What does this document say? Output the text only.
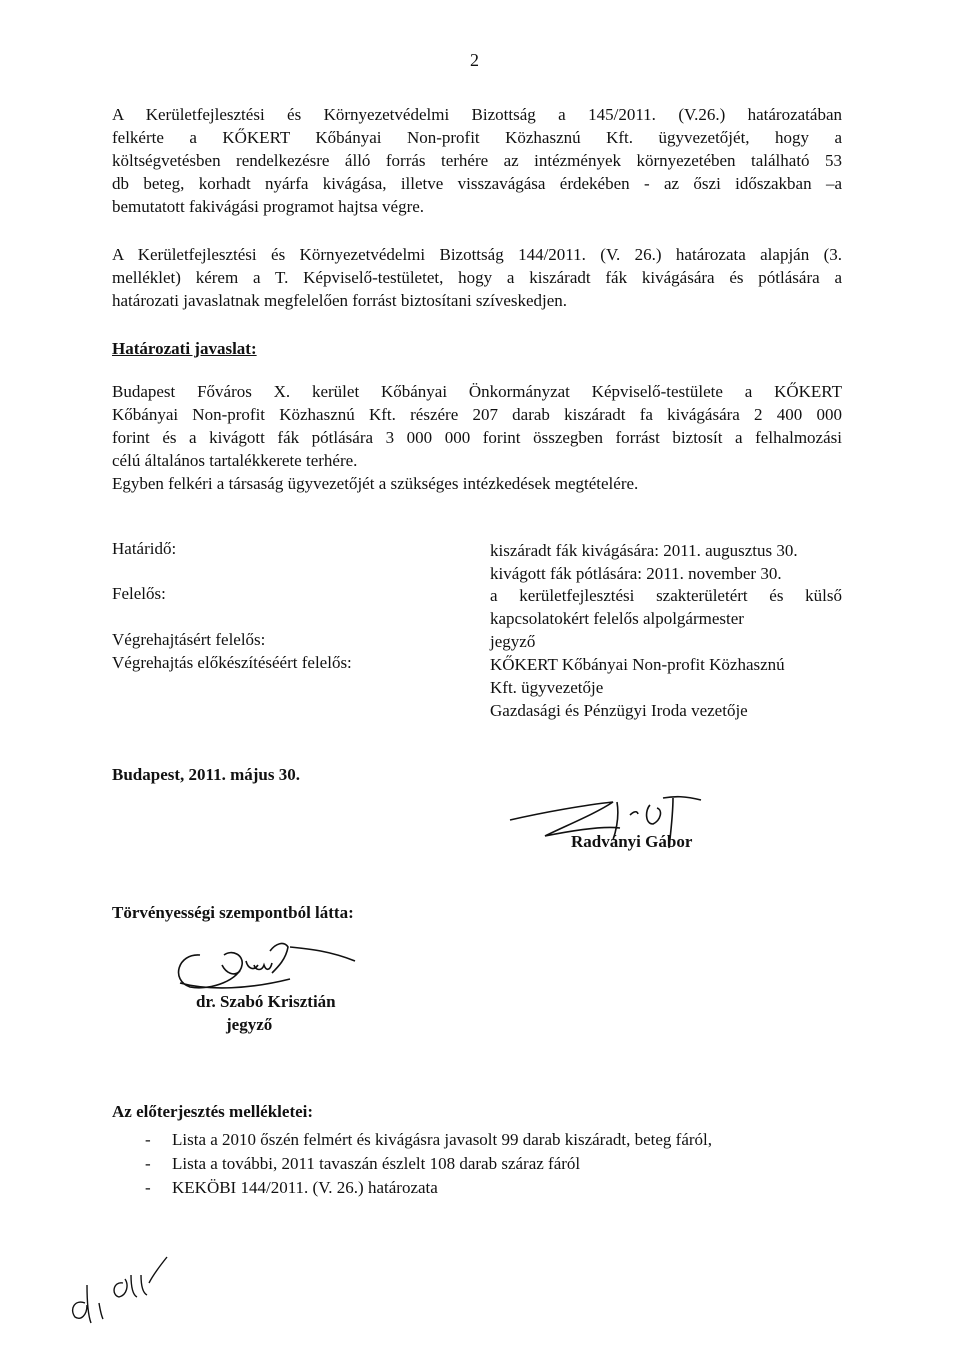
2
A Kerületfejlesztési és Környezetvédelmi Bizottság a 145/2011. (V.26.) határozatában
felkérte a KŐKERT Kőbányai Non-profit Közhasznú Kft. ügyvezetőjét, hogy a
költségvetésben rendelkezésre álló forrás terhére az intézmények környezetében található 53
db beteg, korhadt nyárfa kivágása, illetve visszavágása érdekében - az őszi időszakban –a
bemutatott fakivágási programot hajtsa végre.
A Kerületfejlesztési és Környezetvédelmi Bizottság 144/2011. (V. 26.) határozata alapján (3.
melléklet) kérem a T. Képviselő-testületet, hogy a kiszáradt fák kivágására és pótlására a
határozati javaslatnak megfelelően forrást biztosítani szíveskedjen.
Határozati javaslat:
Budapest Főváros X. kerület Kőbányai Önkormányzat Képviselő-testülete a KŐKERT
Kőbányai Non-profit Közhasznú Kft. részére 207 darab kiszáradt fa kivágására 2 400 000
forint és a kivágott fák pótlására 3 000 000 forint összegben forrást biztosít a felhalmozási
célú általános tartalékkerete terhére.
Egyben felkéri a társaság ügyvezetőjét a szükséges intézkedések megtételére.
Határidő:	kiszáradt fák kivágására: 2011. augusztus 30.
kivágott fák pótlására: 2011. november 30.
Felelős:	a kerületfejlesztési szakterületért és külső
kapcsolatokért felelős alpolgármester
Végrehajtásért felelős:	jegyző
Végrehajtás előkészítéséért felelős:	KŐKERT Kőbányai Non-profit Közhasznú
Kft. ügyvezetője
Gazdasági és Pénzügyi Iroda vezetője
Budapest, 2011. május 30.
Radványi Gábor
Törvényességi szempontból látta:
dr. Szabó Krisztián
jegyző
Az előterjesztés mellékletei:
- Lista a 2010 őszén felmért és kivágásra javasolt 99 darab kiszáradt, beteg fáról,
- Lista a további, 2011 tavaszán észlelt 108 darab száraz fáról
- KEKÖBI 144/2011. (V. 26.) határozata
